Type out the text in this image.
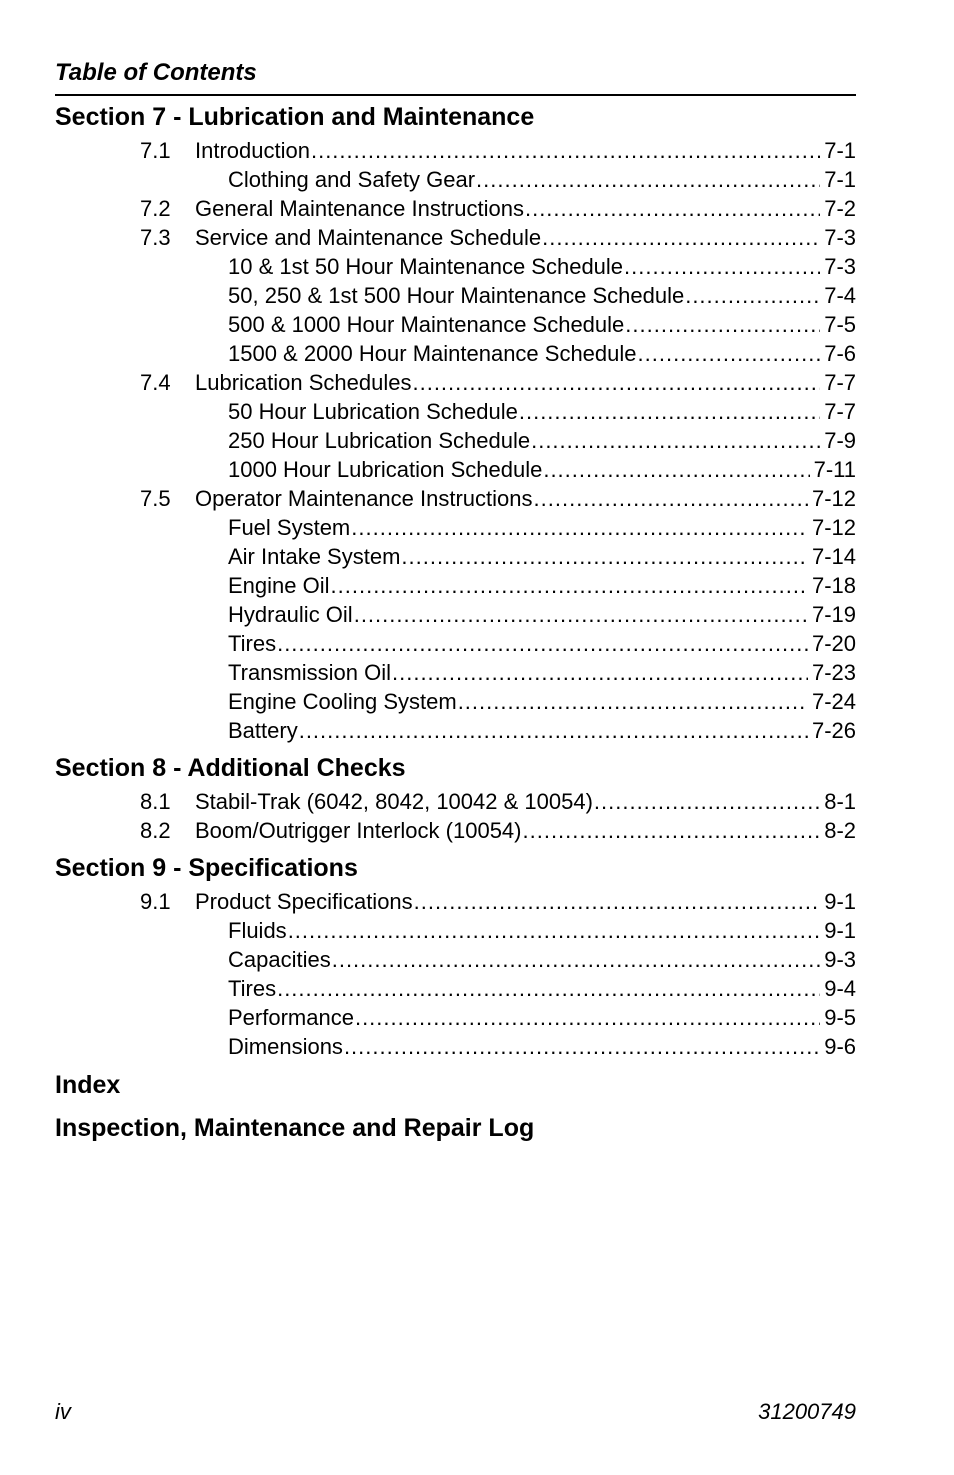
Table of Contents
Section 7 - Lubrication and Maintenance
7.1 Introduction .....	7-1
Clothing and Safety Gear .....	7-1
7.2 General Maintenance Instructions .....	7-2
7.3 Service and Maintenance Schedule .....	7-3
10 & 1st 50 Hour Maintenance Schedule .....	7-3
50, 250 & 1st 500 Hour Maintenance Schedule .....	7-4
500 & 1000 Hour Maintenance Schedule .....	7-5
1500 & 2000 Hour Maintenance Schedule .....	7-6
7.4 Lubrication Schedules .....	7-7
50 Hour Lubrication Schedule .....	7-7
250 Hour Lubrication Schedule .....	7-9
1000 Hour Lubrication Schedule .....	7-11
7.5 Operator Maintenance Instructions .....	7-12
Fuel System .....	7-12
Air Intake System .....	7-14
Engine Oil .....	7-18
Hydraulic Oil .....	7-19
Tires .....	7-20
Transmission Oil .....	7-23
Engine Cooling System .....	7-24
Battery .....	7-26
Section 8 - Additional Checks
8.1 Stabil-Trak (6042, 8042, 10042 & 10054) .....	8-1
8.2 Boom/Outrigger Interlock (10054) .....	8-2
Section 9 - Specifications
9.1 Product Specifications .....	9-1
Fluids .....	9-1
Capacities .....	9-3
Tires .....	9-4
Performance .....	9-5
Dimensions .....	9-6
Index
Inspection, Maintenance and Repair Log
iv	31200749
